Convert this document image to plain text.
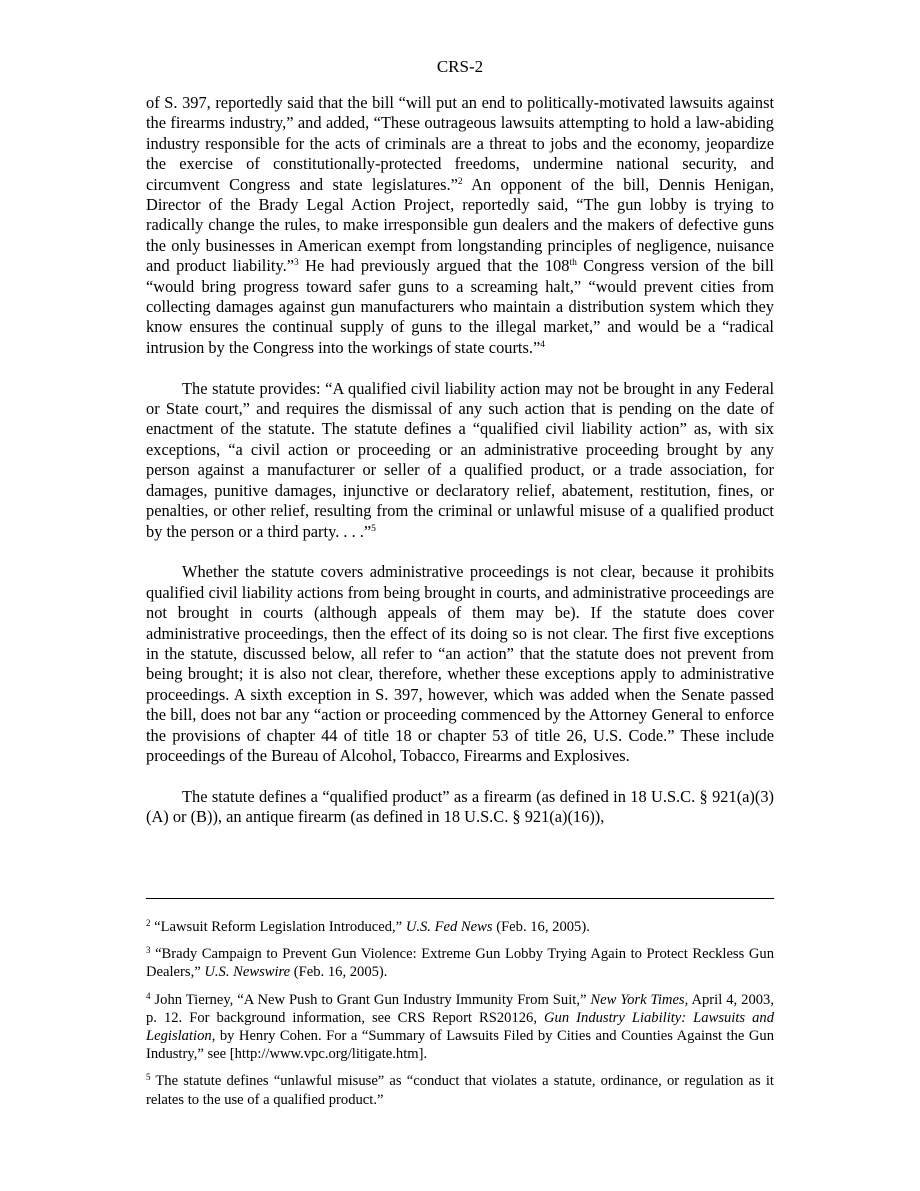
CRS-2

of S. 397, reportedly said that the bill “will put an end to politically-motivated lawsuits against the firearms industry,” and added, “These outrageous lawsuits attempting to hold a law-abiding industry responsible for the acts of criminals are a threat to jobs and the economy, jeopardize the exercise of constitutionally-protected freedoms, undermine national security, and circumvent Congress and state legislatures.”$^2$ An opponent of the bill, Dennis Henigan, Director of the Brady Legal Action Project, reportedly said, “The gun lobby is trying to radically change the rules, to make irresponsible gun dealers and the makers of defective guns the only businesses in American exempt from longstanding principles of negligence, nuisance and product liability.”$^3$ He had previously argued that the 108th Congress version of the bill “would bring progress toward safer guns to a screaming halt,” “would prevent cities from collecting damages against gun manufacturers who maintain a distribution system which they know ensures the continual supply of guns to the illegal market,” and would be a “radical intrusion by the Congress into the workings of state courts.”$^4$

The statute provides: “A qualified civil liability action may not be brought in any Federal or State court,” and requires the dismissal of any such action that is pending on the date of enactment of the statute. The statute defines a “qualified civil liability action” as, with six exceptions, “a civil action or proceeding or an administrative proceeding brought by any person against a manufacturer or seller of a qualified product, or a trade association, for damages, punitive damages, injunctive or declaratory relief, abatement, restitution, fines, or penalties, or other relief, resulting from the criminal or unlawful misuse of a qualified product by the person or a third party. . . .”$^5$

Whether the statute covers administrative proceedings is not clear, because it prohibits qualified civil liability actions from being brought in courts, and administrative proceedings are not brought in courts (although appeals of them may be). If the statute does cover administrative proceedings, then the effect of its doing so is not clear. The first five exceptions in the statute, discussed below, all refer to “an action” that the statute does not prevent from being brought; it is also not clear, therefore, whether these exceptions apply to administrative proceedings. A sixth exception in S. 397, however, which was added when the Senate passed the bill, does not bar any “action or proceeding commenced by the Attorney General to enforce the provisions of chapter 44 of title 18 or chapter 53 of title 26, U.S. Code.” These include proceedings of the Bureau of Alcohol, Tobacco, Firearms and Explosives.

The statute defines a “qualified product” as a firearm (as defined in 18 U.S.C. § 921(a)(3)(A) or (B)), an antique firearm (as defined in 18 U.S.C. § 921(a)(16)),

$^2$ “Lawsuit Reform Legislation Introduced,” U.S. Fed News (Feb. 16, 2005).

$^3$ “Brady Campaign to Prevent Gun Violence: Extreme Gun Lobby Trying Again to Protect Reckless Gun Dealers,” U.S. Newswire (Feb. 16, 2005).

$^4$ John Tierney, “A New Push to Grant Gun Industry Immunity From Suit,” New York Times, April 4, 2003, p. 12. For background information, see CRS Report RS20126, Gun Industry Liability: Lawsuits and Legislation, by Henry Cohen. For a “Summary of Lawsuits Filed by Cities and Counties Against the Gun Industry,” see [http://www.vpc.org/litigate.htm].

$^5$ The statute defines “unlawful misuse” as “conduct that violates a statute, ordinance, or regulation as it relates to the use of a qualified product.”
